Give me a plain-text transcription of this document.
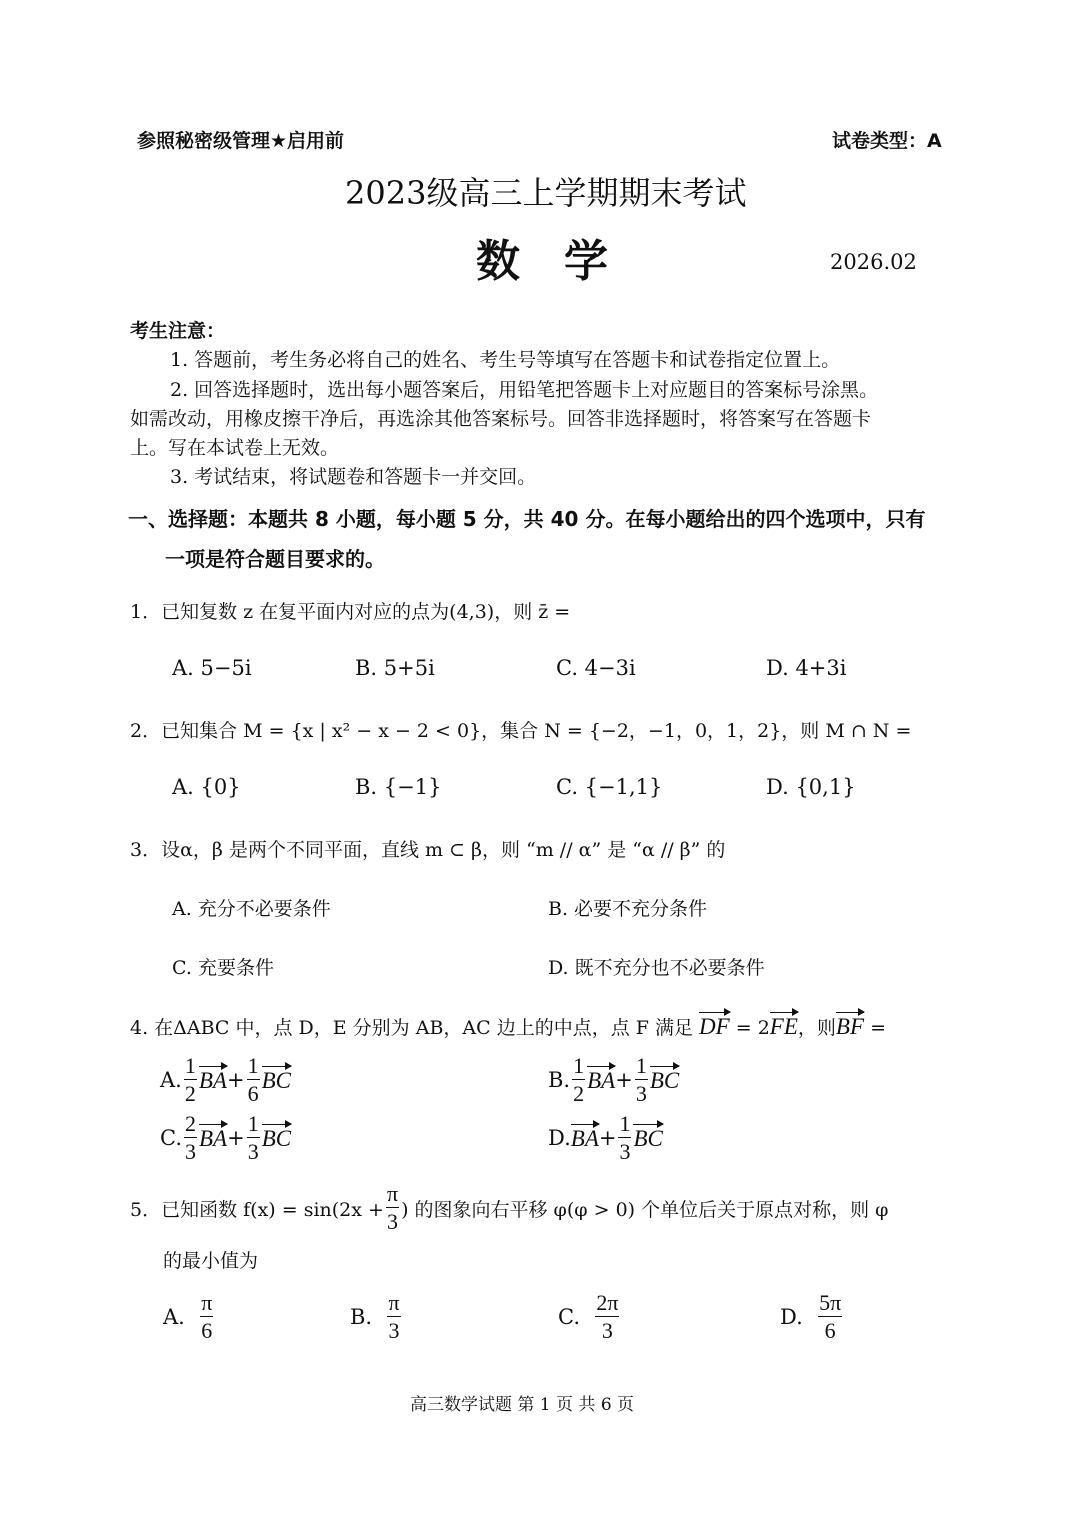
参照秘密级管理★启用前	试卷类型：A
2023级高三上学期期末考试
数　学	2026.02
考生注意：
1. 答题前，考生务必将自己的姓名、考生号等填写在答题卡和试卷指定位置上。
2. 回答选择题时，选出每小题答案后，用铅笔把答题卡上对应题目的答案标号涂黑。
如需改动，用橡皮擦干净后，再选涂其他答案标号。回答非选择题时，将答案写在答题卡
上。写在本试卷上无效。
3. 考试结束，将试题卷和答题卡一并交回。
一、选择题：本题共 8 小题，每小题 5 分，共 40 分。在每小题给出的四个选项中，只有
一项是符合题目要求的。
1．已知复数 z 在复平面内对应的点为(4,3)，则 z̄ =
A. 5−5i	B. 5+5i	C. 4−3i	D. 4+3i
2．已知集合 M = {x | x² − x − 2 < 0}，集合 N = {−2，−1，0，1，2}，则 M ∩ N =
A. {0}	B. {−1}	C. {−1,1}	D. {0,1}
3．设α，β 是两个不同平面，直线 m ⊂ β，则 “m // α” 是 “α // β” 的
A. 充分不必要条件	B. 必要不充分条件
C. 充要条件	D. 既不充分也不必要条件
4. 在ΔABC 中，点 D，E 分别为 AB，AC 边上的中点，点 F 满足 DF = 2FE，则BF =
5．已知函数 $f(x) = \sin(2x + \frac{\pi}{3}$ ) 的图象向右平移 φ(φ > 0) 个单位后关于原点对称，则 φ
的最小值为
高三数学试题 第 1 页 共 6 页
A. $\frac{1}{2}$ BA + $\frac{1}{6}$ BC	B. $\frac{1}{2}$ BA + $\frac{1}{3}$ BC
C. $\frac{2}{3}$ BA + $\frac{1}{3}$ BC	D. BA + $\frac{1}{3}$ BC
A.
$\frac{\pi}{6}$	B.
$\frac{\pi}{3}$	C.
$\frac{2\pi}{3}$	D.
$\frac{5\pi}{6}$
